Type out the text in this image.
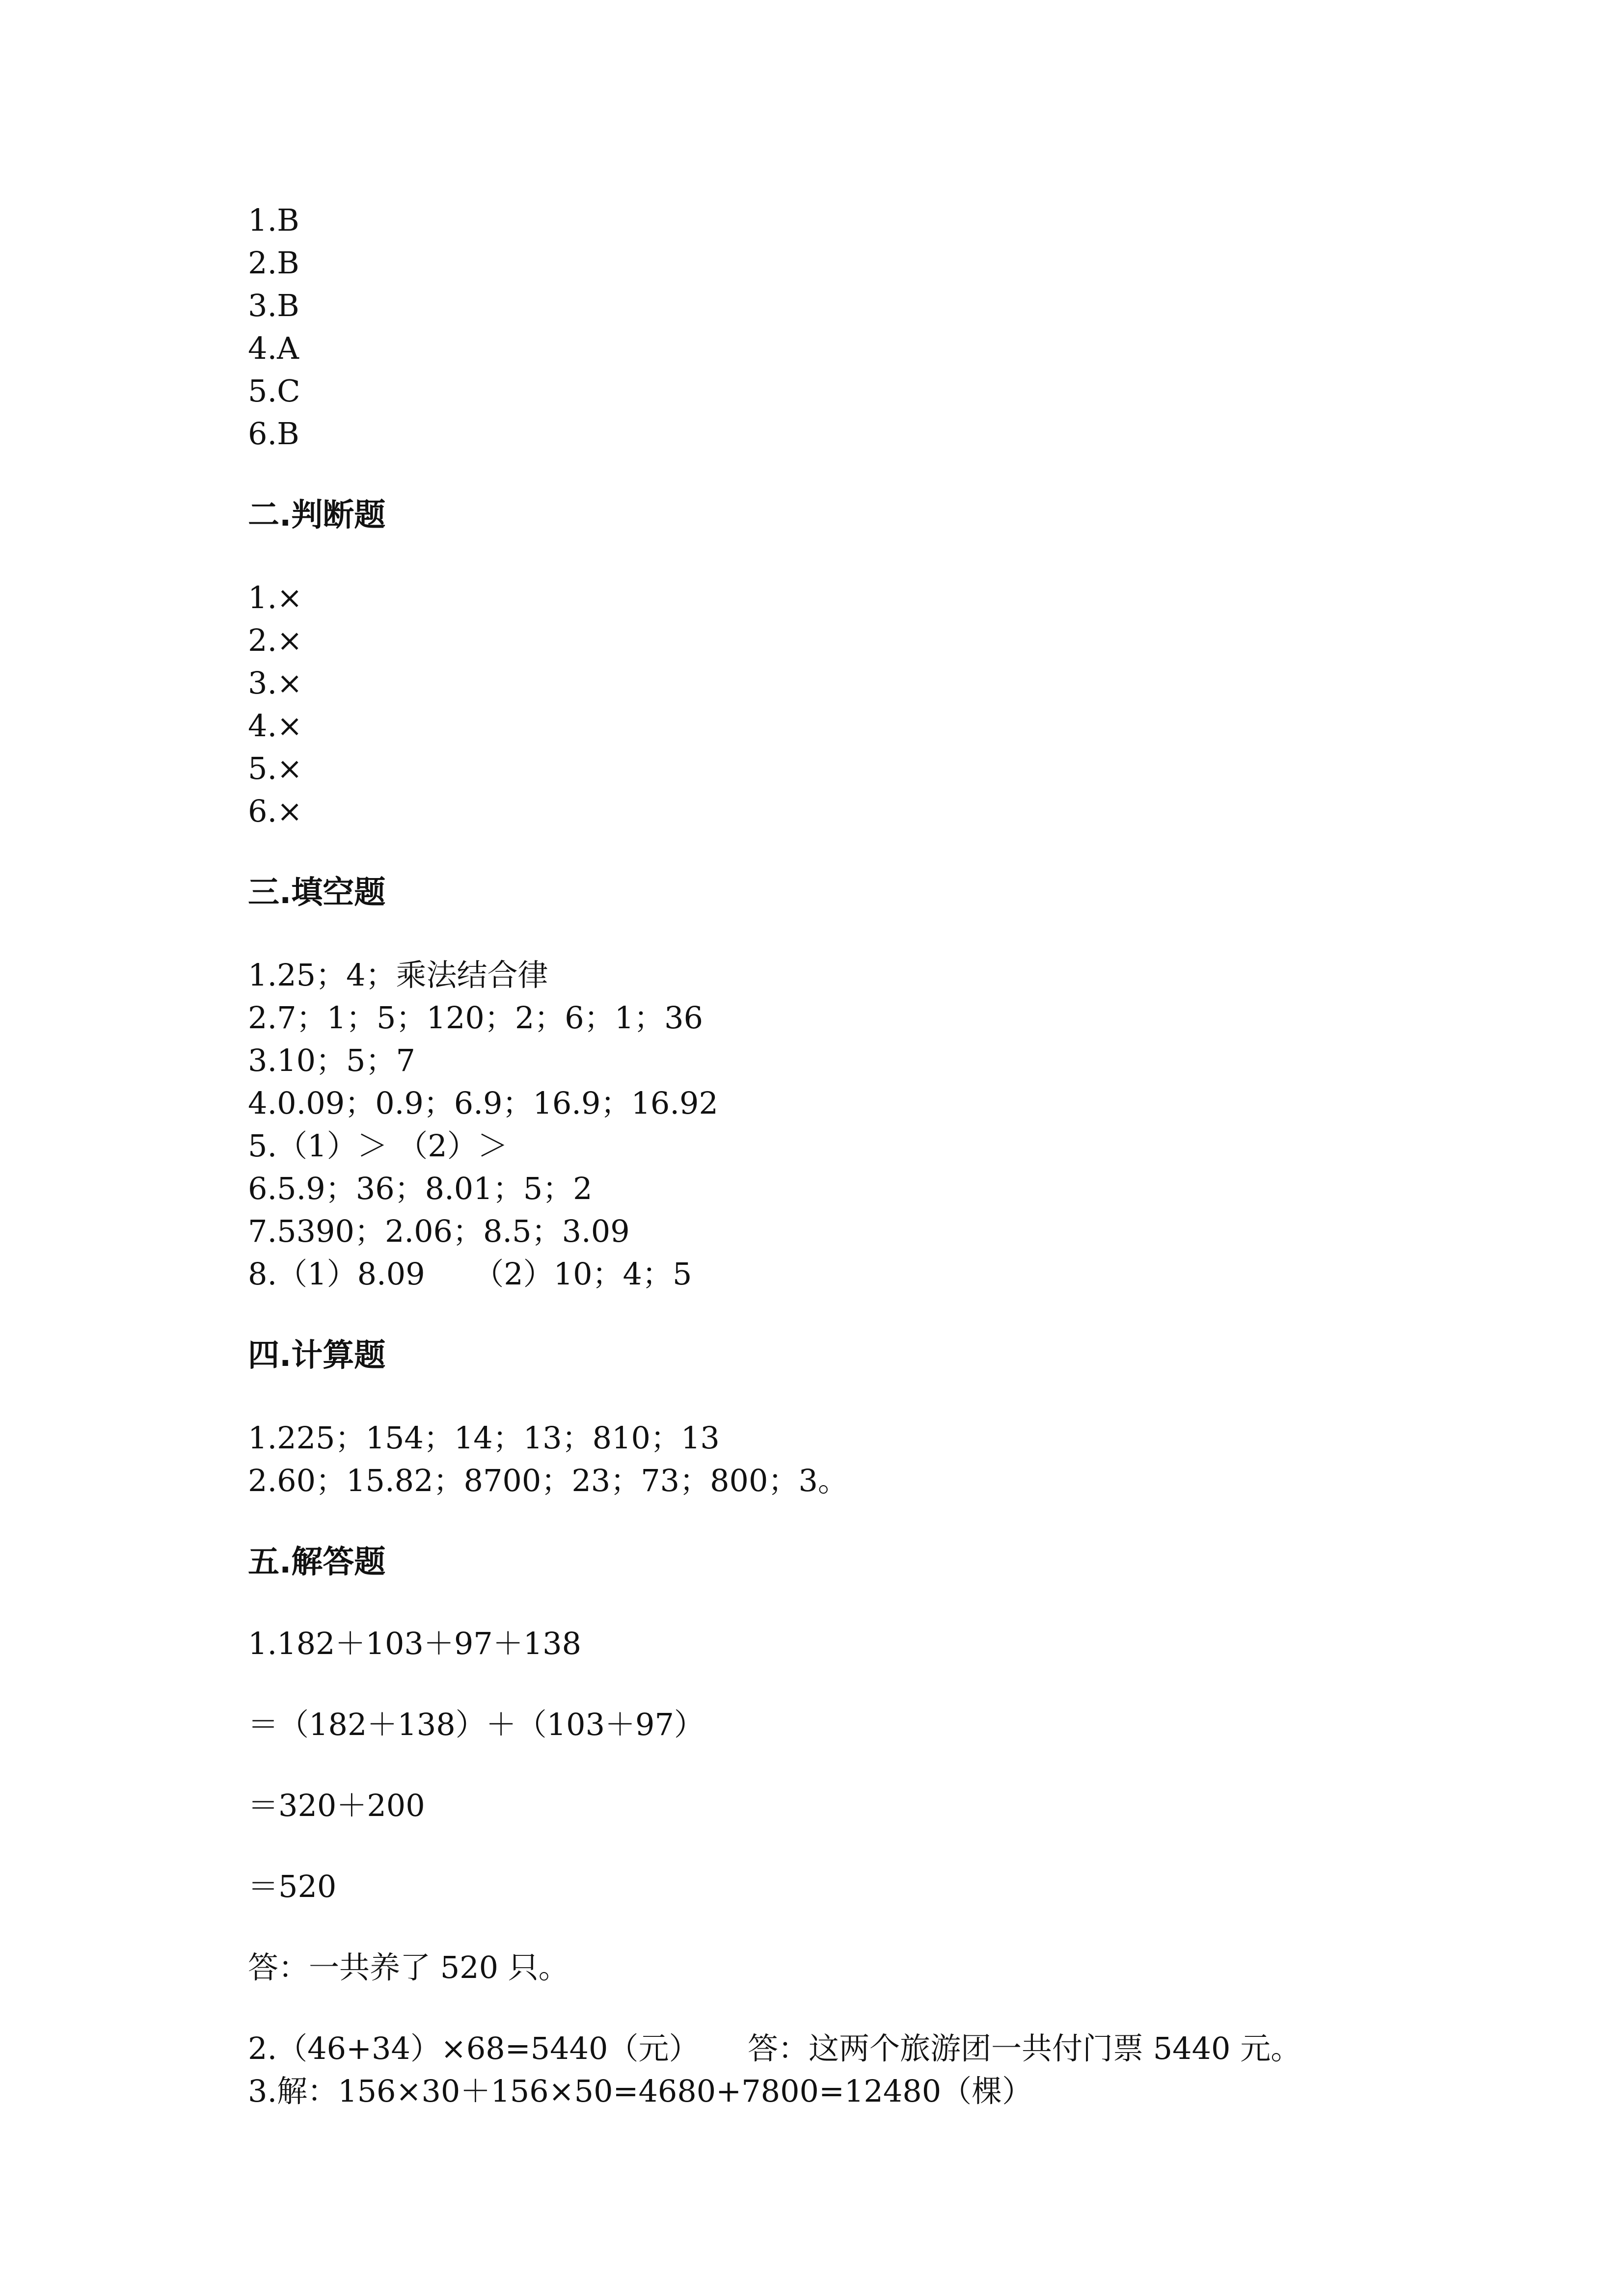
1.B
2.B
3.B
4.A
5.C
6.B
二.判断题
1.×
2.×
3.×
4.×
5.×
6.×
三.填空题
1.25；4；乘法结合律
2.7；1；5；120；2；6；1；36
3.10；5；7
4.0.09；0.9；6.9；16.9；16.92
5.（1）＞ （2）＞
6.5.9；36；8.01；5；2
7.5390；2.06；8.5；3.09
8.（1）8.09     （2）10；4；5
四.计算题
1.225；154；14；13；810；13
2.60；15.82；8700；23；73；800；3。
五.解答题
1.182＋103＋97＋138
＝（182＋138）＋（103＋97）
＝320＋200
＝520
答：一共养了 520 只。
2.（46+34）×68=5440（元）     答：这两个旅游团一共付门票 5440 元。
3.解：156×30＋156×50=4680+7800=12480（棵）
